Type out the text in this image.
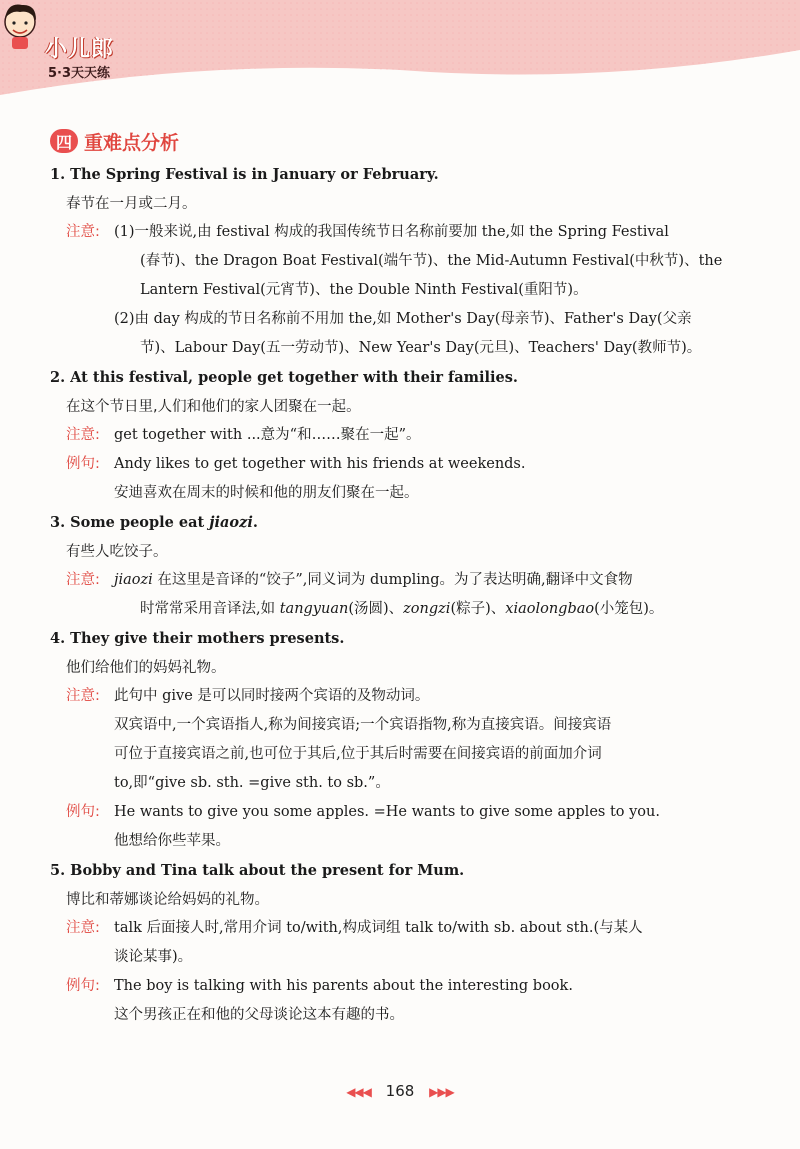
小儿郎
5·3天天练
四 重难点分析
1. The Spring Festival is in January or February.
春节在一月或二月。
注意: (1)一般来说,由 festival 构成的我国传统节日名称前要加 the,如 the Spring Festival

(春节)、the Dragon Boat Festival(端午节)、the Mid-Autumn Festival(中秋节)、the

Lantern Festival(元宵节)、the Double Ninth Festival(重阳节)。

(2)由 day 构成的节日名称前不用加 the,如 Mother's Day(母亲节)、Father's Day(父亲

节)、Labour Day(五一劳动节)、New Year's Day(元旦)、Teachers' Day(教师节)。

2. At this festival, people get together with their families.
在这个节日里,人们和他们的家人团聚在一起。
注意: get together with ...意为“和……聚在一起”。

例句: Andy likes to get together with his friends at weekends.

安迪喜欢在周末的时候和他的朋友们聚在一起。

3. Some people eat jiaozi.
有些人吃饺子。
注意: jiaozi 在这里是音译的“饺子”,同义词为 dumpling。为了表达明确,翻译中文食物

时常常采用音译法,如 tangyuan(汤圆)、zongzi(粽子)、xiaolongbao(小笼包)。

4. They give their mothers presents.
他们给他们的妈妈礼物。
注意: 此句中 give 是可以同时接两个宾语的及物动词。

双宾语中,一个宾语指人,称为间接宾语;一个宾语指物,称为直接宾语。间接宾语

可位于直接宾语之前,也可位于其后,位于其后时需要在间接宾语的前面加介词

to,即“give sb. sth. =give sth. to sb.”。

例句: He wants to give you some apples. =He wants to give some apples to you.

他想给你些苹果。

5. Bobby and Tina talk about the present for Mum.
博比和蒂娜谈论给妈妈的礼物。
注意: talk 后面接人时,常用介词 to/with,构成词组 talk to/with sb. about sth.(与某人

谈论某事)。

例句: The boy is talking with his parents about the interesting book.

这个男孩正在和他的父母谈论这本有趣的书。

◀◀◀ 168 ▶▶▶
